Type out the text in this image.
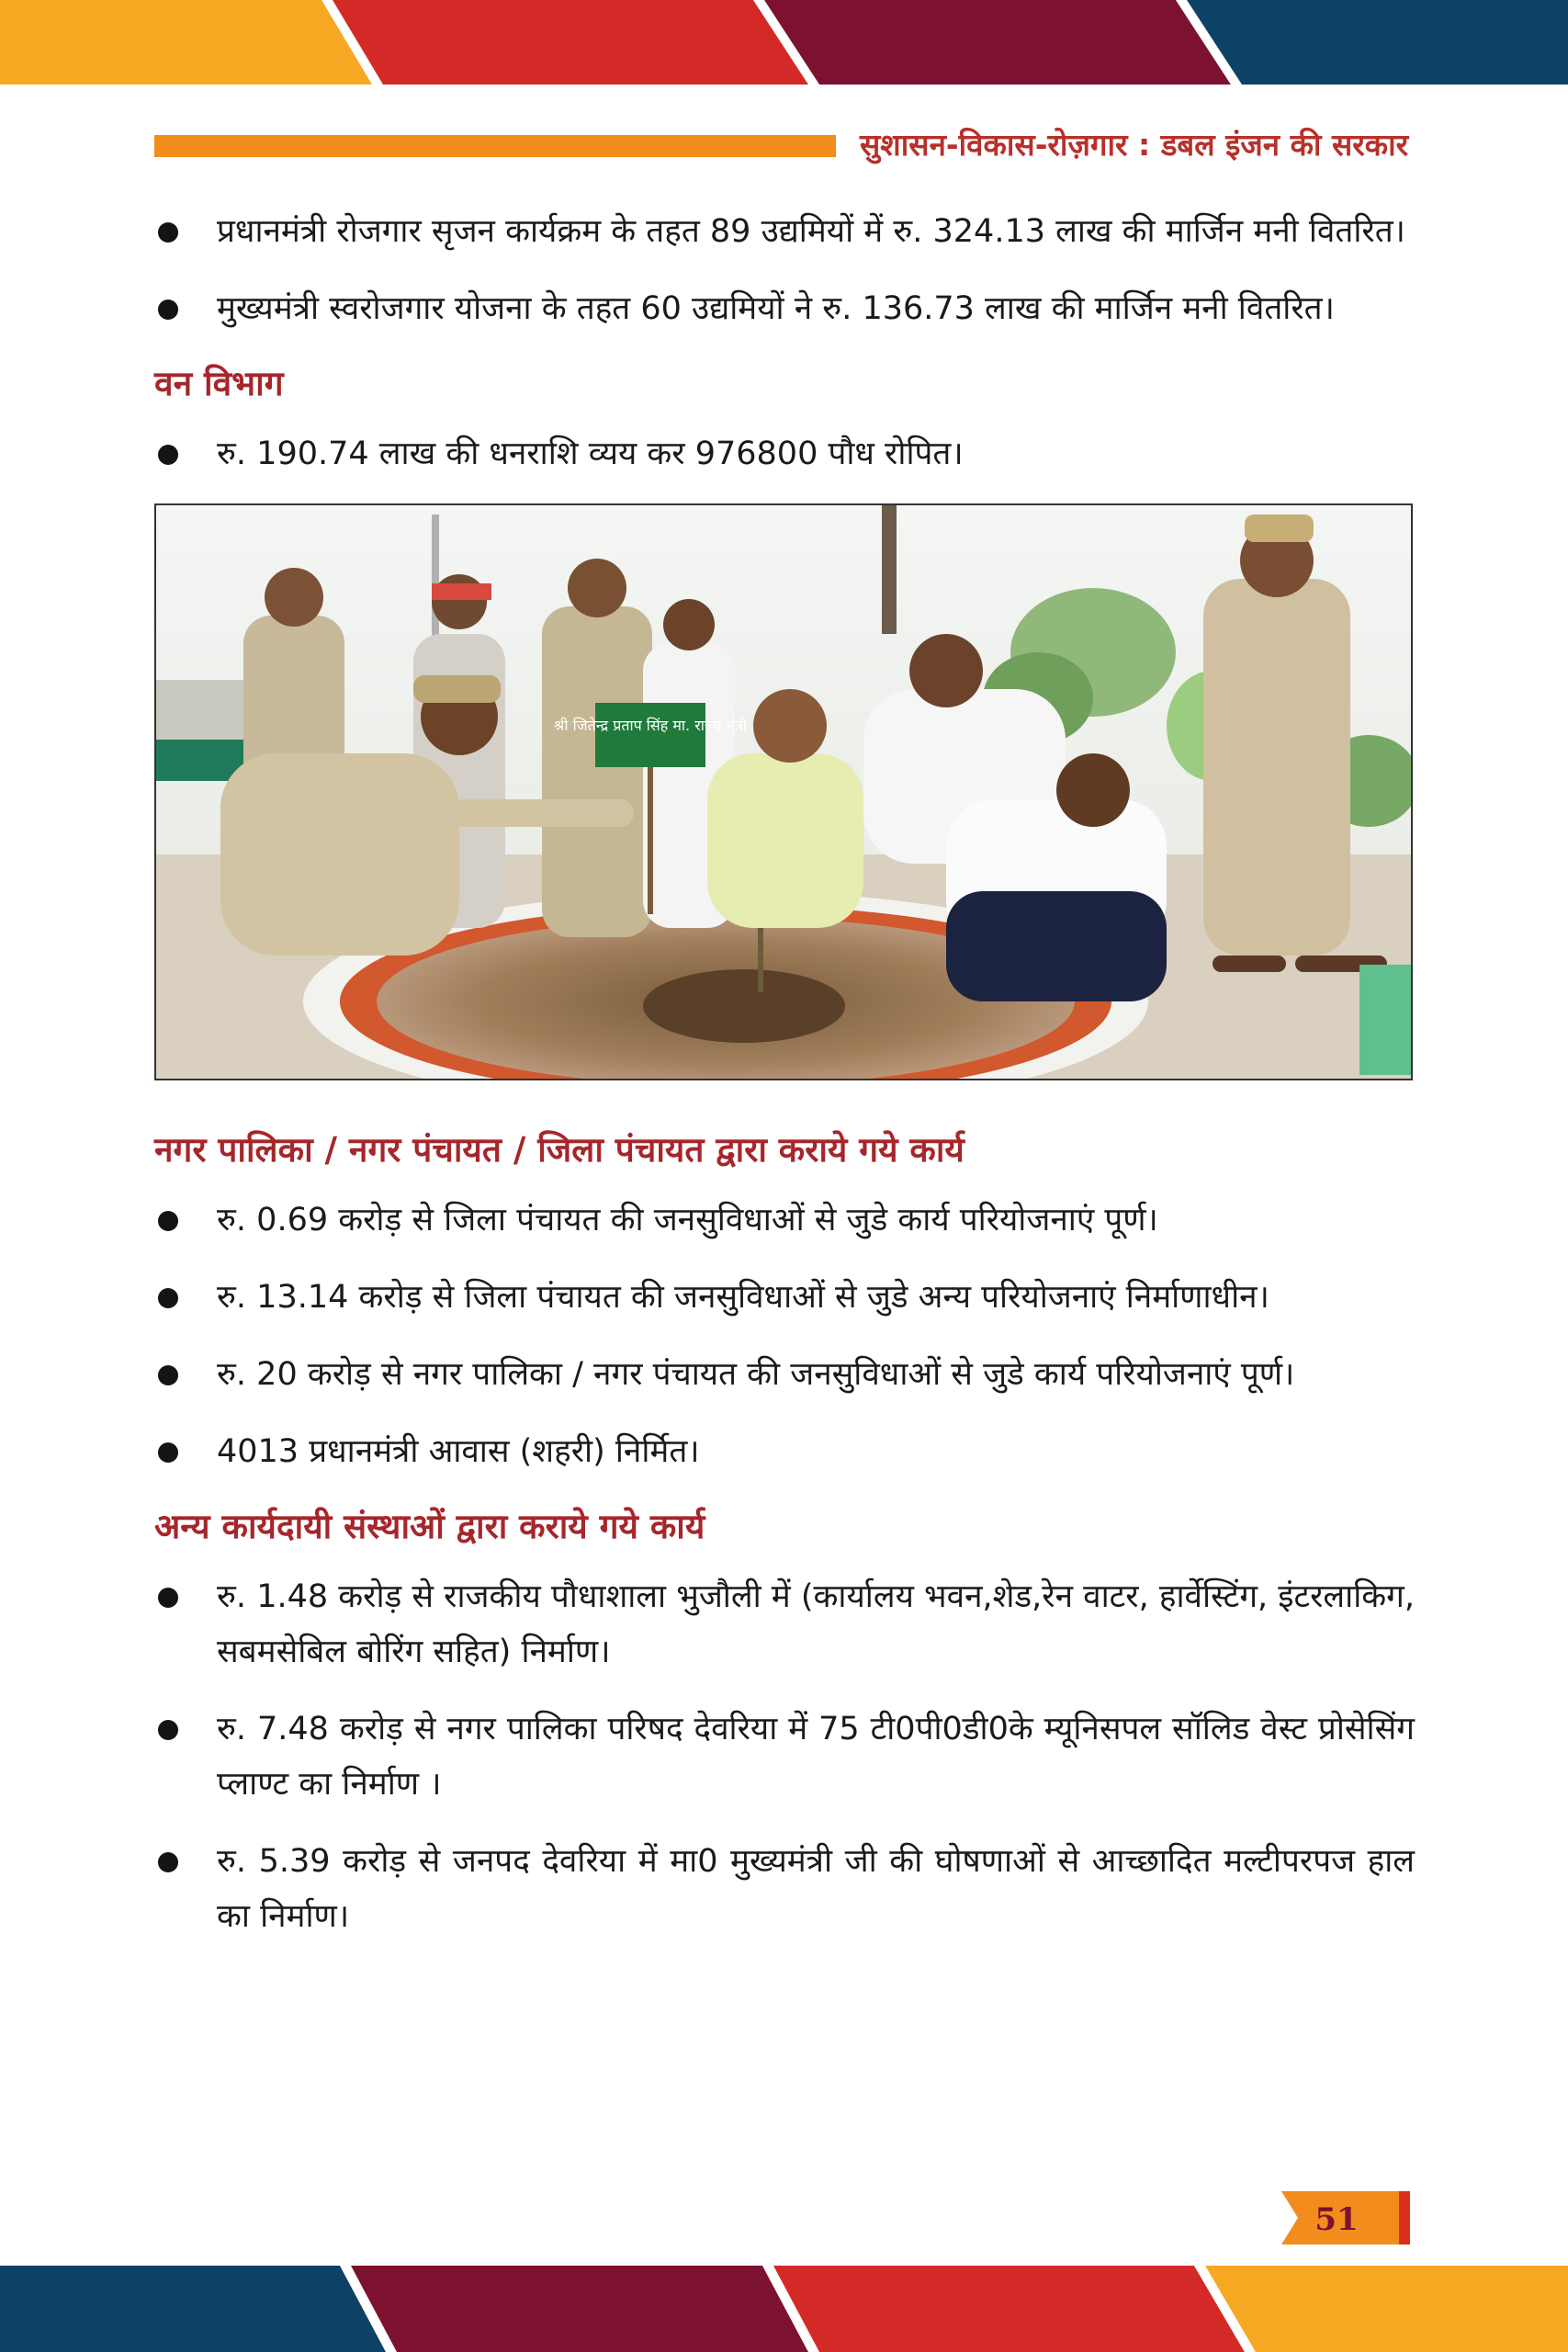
सुशासन-विकास-रोज़गार : डबल इंजन की सरकार
प्रधानमंत्री रोजगार सृजन कार्यक्रम के तहत 89 उद्यमियों में रु. 324.13 लाख की मार्जिन मनी वितरित।
मुख्यमंत्री स्वरोजगार योजना के तहत 60 उद्यमियों ने रु. 136.73 लाख की मार्जिन मनी वितरित।
वन विभाग
रु. 190.74 लाख की धनराशि व्यय कर 976800 पौध रोपित।
श्री जितेन्द्र प्रताप सिंह मा. राज्य मंत्री
नगर पालिका / नगर पंचायत / जिला पंचायत द्वारा कराये गये कार्य
रु. 0.69 करोड़ से जिला पंचायत की जनसुविधाओं से जुडे कार्य परियोजनाएं पूर्ण।
रु. 13.14 करोड़ से जिला पंचायत की जनसुविधाओं से जुडे अन्य परियोजनाएं निर्माणाधीन।
रु. 20 करोड़ से नगर पालिका / नगर पंचायत की जनसुविधाओं से जुडे कार्य परियोजनाएं पूर्ण।
4013 प्रधानमंत्री आवास (शहरी) निर्मित।
अन्य कार्यदायी संस्थाओं द्वारा कराये गये कार्य
रु. 1.48 करोड़ से राजकीय पौधाशाला भुजौली में (कार्यालय भवन,शेड,रेन वाटर, हार्वेस्टिंग, इंटरलाकिग, सबमसेबिल बोरिंग सहित) निर्माण।
रु. 7.48 करोड़ से नगर पालिका परिषद देवरिया में 75 टी0पी0डी0के म्यूनिसपल सॉलिड वेस्ट प्रोसेसिंग प्लाण्ट का निर्माण ।
रु. 5.39 करोड़ से जनपद देवरिया में मा0 मुख्यमंत्री जी की घोषणाओं से आच्छादित मल्टीपरपज हाल का निर्माण।
51
